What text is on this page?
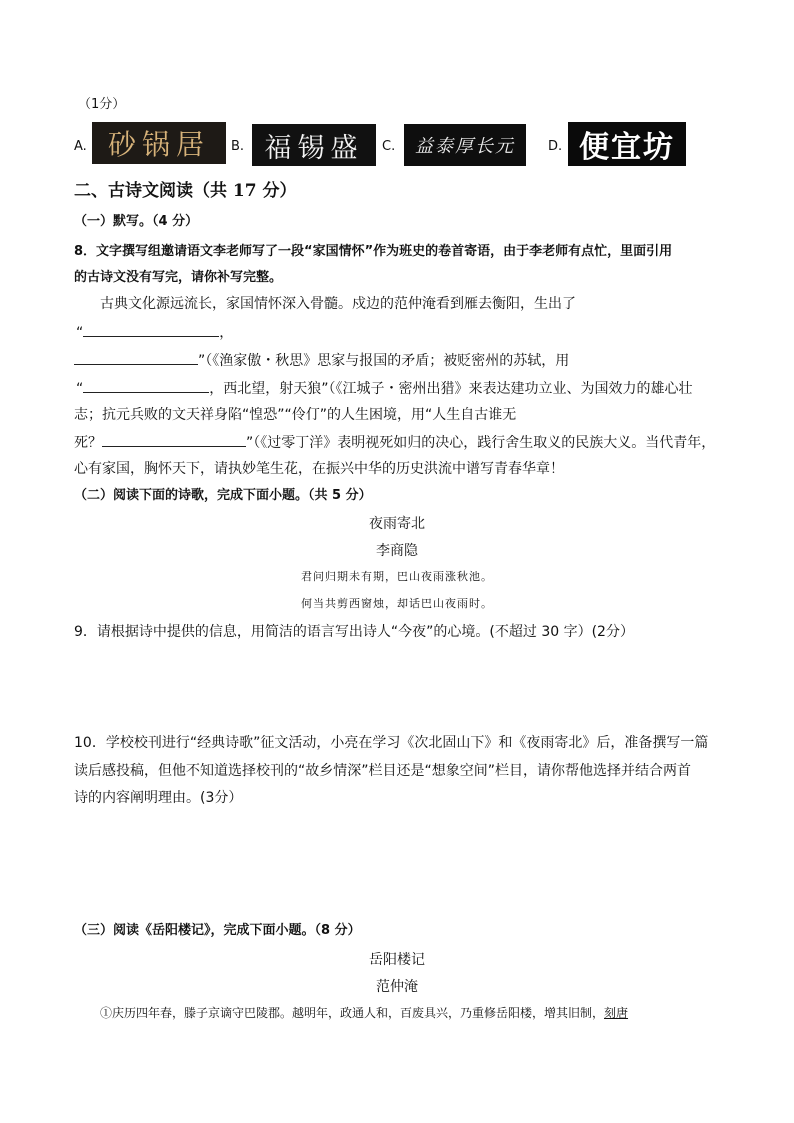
（1分）
A. 砂锅居 B. 福锡盛 C. 益泰厚长元	D. 便宜坊
二、古诗文阅读（共 17 分）
（一）默写。（4 分）
8．文字撰写组邀请语文李老师写了一段“家国情怀”作为班史的卷首寄语，由于李老师有点忙，里面引用
的古诗文没有写完，请你补写完整。
古典文化源远流长，家国情怀深入骨髓。戍边的范仲淹看到雁去衡阳，生出了
“	，
”（《渔家傲・秋思》思家与报国的矛盾；被贬密州的苏轼，用
“	，西北望，射天狼”（《江城子・密州出猎》来表达建功立业、为国效力的雄心壮
志；抗元兵败的文天祥身陷“惶恐”“伶仃”的人生困境，用“人生自古谁无
死？	”（《过零丁洋》表明视死如归的决心，践行舍生取义的民族大义。当代青年，
心有家国，胸怀天下，请执妙笔生花，在振兴中华的历史洪流中谱写青春华章！
（二）阅读下面的诗歌，完成下面小题。（共 5 分）
夜雨寄北
李商隐
君问归期未有期，巴山夜雨涨秋池。
何当共剪西窗烛，却话巴山夜雨时。
9．请根据诗中提供的信息，用简洁的语言写出诗人“今夜”的心境。(不超过 30 字）(2分）
10．学校校刊进行“经典诗歌”征文活动，小亮在学习《次北固山下》和《夜雨寄北》后，准备撰写一篇
读后感投稿，但他不知道选择校刊的“故乡情深”栏目还是“想象空间”栏目，请你帮他选择并结合两首
诗的内容阐明理由。(3分）
（三）阅读《岳阳楼记》，完成下面小题。（8 分）
岳阳楼记
范仲淹
①庆历四年春，滕子京谪守巴陵郡。越明年，政通人和，百废具兴，乃重修岳阳楼，增其旧制，刻唐
